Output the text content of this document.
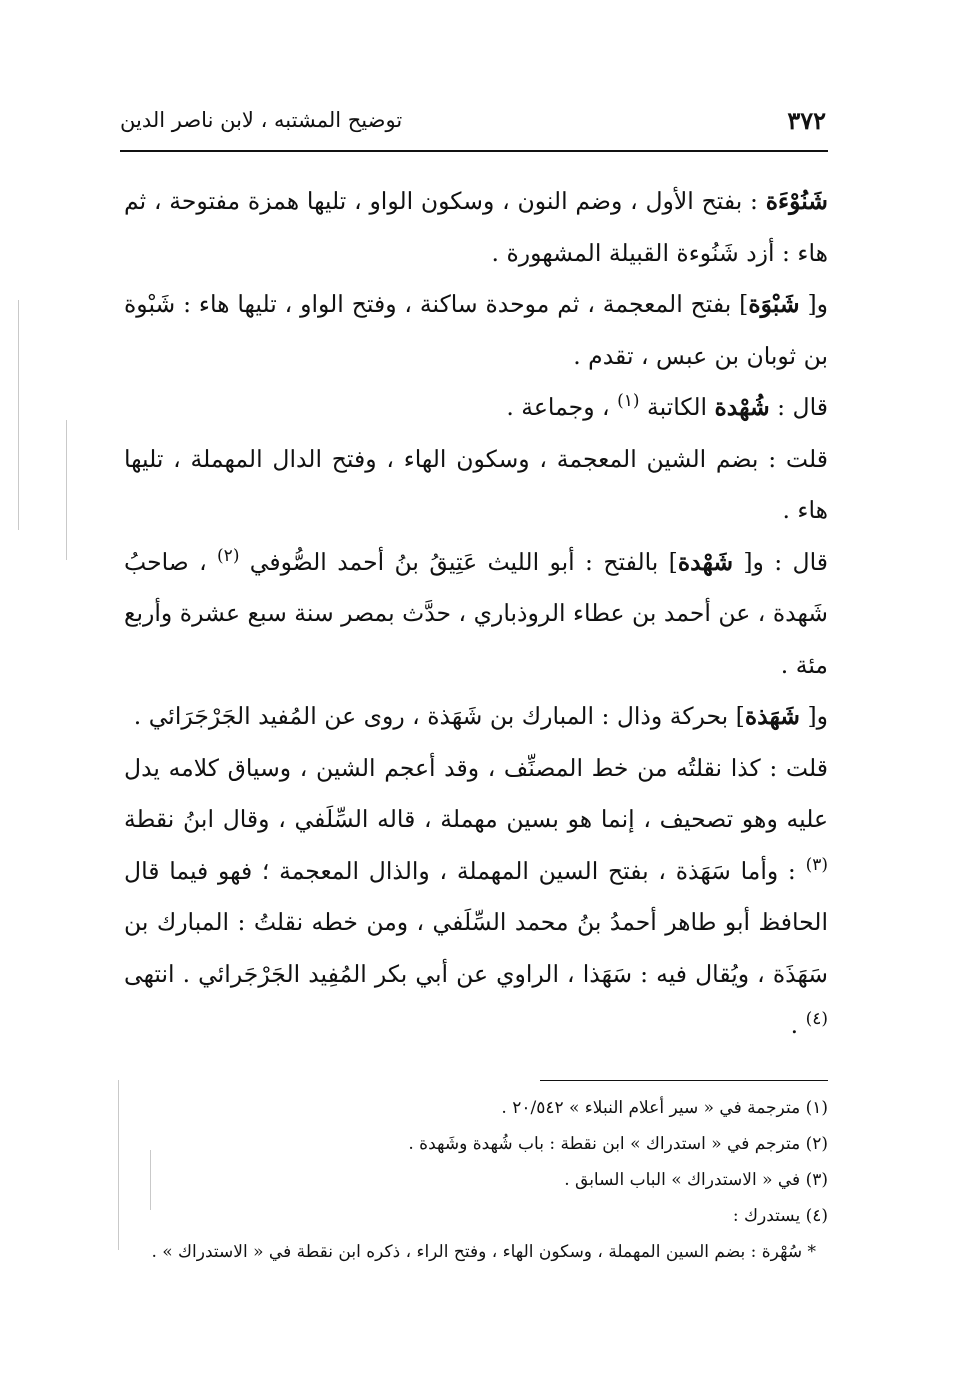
٣٧٢
توضيح المشتبه ، لابن ناصر الدين

شَنُوْءَة : بفتح الأول ، وضم النون ، وسكون الواو ، تليها همزة مفتوحة ، ثم هاء : أزد شَنُوءة القبيلة المشهورة .

و[ شَبْوَة] بفتح المعجمة ، ثم موحدة ساكنة ، وفتح الواو ، تليها هاء : شَبْوة بن ثوبان بن عبس ، تقدم .

قال : شُهْدة الكاتبة $^{(١)}$ ، وجماعة .

قلت : بضم الشين المعجمة ، وسكون الهاء ، وفتح الدال المهملة ، تليها هاء .

قال : و[ شَهْدة] بالفتح : أبو الليث عَتِيقُ بنُ أحمد الصُّوفي $^{(٢)}$ ، صاحبُ شَهدة ، عن أحمد بن عطاء الروذباري ، حدَّث بمصر سنة سبع عشرة وأربع مئة .

و[ شَهَذة] بحركة وذال : المبارك بن شَهَذة ، روى عن المُفيد الجَرْجَرَائي .

قلت : كذا نقلتُه من خط المصنِّف ، وقد أعجم الشين ، وسياق كلامه يدل عليه وهو تصحيف ، إنما هو بسين مهملة ، قاله السِّلَفي ، وقال ابنُ نقطة $^{(٣)}$ : وأما سَهَذة ، بفتح السين المهملة ، والذال المعجمة ؛ فهو فيما قال الحافظ أبو طاهر أحمدُ بنُ محمد السِّلَفي ، ومن خطه نقلتُ : المبارك بن سَهَذَة ، ويُقال فيه : سَهَذا ، الراوي عن أبي بكر المُفِيد الجَرْجَرائي . انتهى $^{(٤)}$ .

(١) مترجمة في « سير أعلام النبلاء » ٢٠/٥٤٢ .

(٢) مترجم في « استدراك » ابن نقطة : باب شُهدة وشَهدة .

(٣) في « الاستدراك » الباب السابق .

(٤) يستدرك :

* سُهْرة : بضم السين المهملة ، وسكون الهاء ، وفتح الراء ، ذكره ابن نقطة في « الاستدراك » .
